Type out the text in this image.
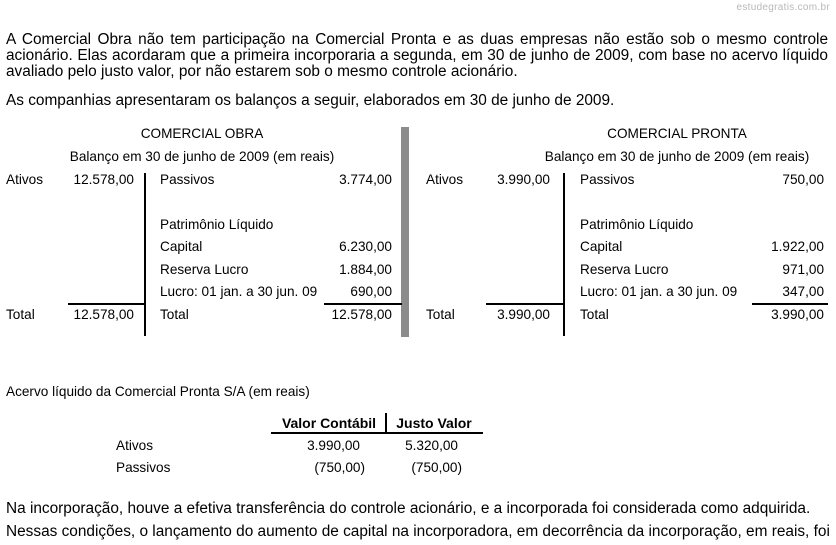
estudegratis.com.br
A Comercial Obra não tem participação na Comercial Pronta e as duas empresas não estão sob o mesmo controle
acionário. Elas acordaram que a primeira incorporaria a segunda, em 30 de junho de 2009, com base no acervo líquido
avaliado pelo justo valor, por não estarem sob o mesmo controle acionário.
As companhias apresentaram os balanços a seguir, elaborados em 30 de junho de 2009.
COMERCIAL OBRA
Balanço em 30 de junho de 2009 (em reais)
Ativos	12.578,00 Passivos	3.774,00
Patrimônio Líquido
Capital	6.230,00
Reserva Lucro	1.884,00
Lucro: 01 jan. a 30 jun. 09	690,00
Total	12.578,00 Total	12.578,00
COMERCIAL PRONTA
Balanço em 30 de junho de 2009 (em reais)
Ativos	3.990,00 Passivos	750,00
Patrimônio Líquido
Capital	1.922,00
Reserva Lucro	971,00
Lucro: 01 jan. a 30 jun. 09	347,00
Total	3.990,00 Total	3.990,00
Acervo líquido da Comercial Pronta S/A (em reais)
Valor Contábil	Justo Valor
Ativos	3.990,00	5.320,00
Passivos	(750,00)	(750,00)
Na incorporação, houve a efetiva transferência do controle acionário, e a incorporada foi considerada como adquirida.
Nessas condições, o lançamento do aumento de capital na incorporadora, em decorrência da incorporação, em reais, foi
